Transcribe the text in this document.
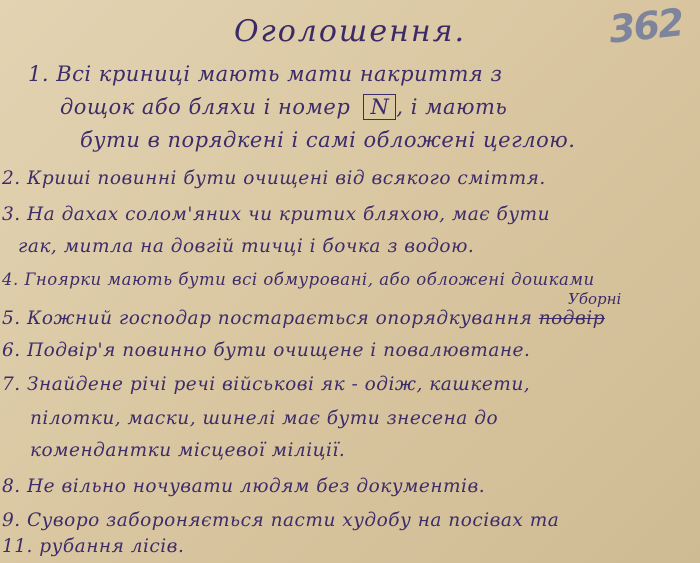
362
Оголошення.
1. Всі криниці мають мати накриття з
дощок або бляхи і номер N , і мають
бути в порядкені і самі обложені цеглою.
2. Криші повинні бути очищені від всякого сміття.
3. На дахах солом'яних чи критих бляхою, має бути
гак, митла на довгій тичці і бочка з водою.
4. Гноярки мають бути всі обмуровані, або обложені дошками
Уборні
5. Кожний господар постарається опорядкування подвір
6. Подвір'я повинно бути очищене і повалювтане.
7. Знайдене річі речі військові як - одіж, кашкети,
пілотки, маски, шинелі має бути знесена до
комендантки місцевої міліції.
8. Не вільно ночувати людям без документів.
9. Суворо забороняється пасти худобу на посівах та
11. рубання лісів.
